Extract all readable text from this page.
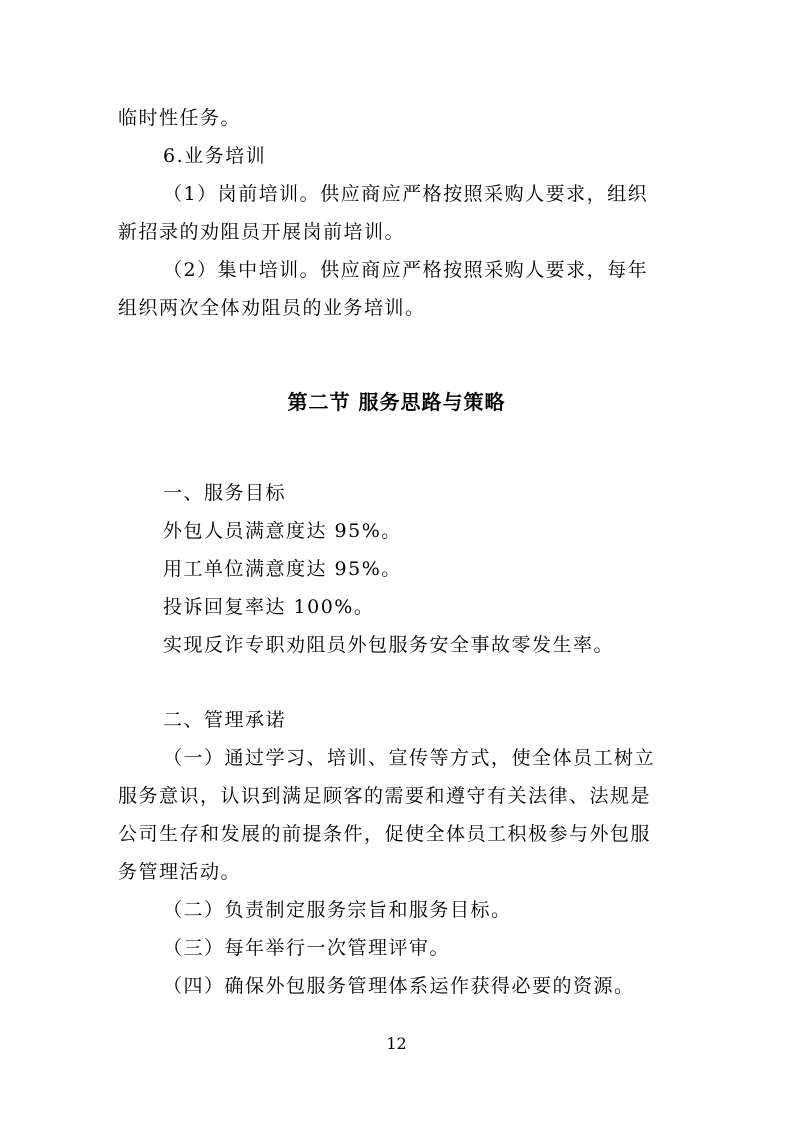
临时性任务。
6.业务培训
（1）岗前培训。供应商应严格按照采购人要求，组织
新招录的劝阻员开展岗前培训。
（2）集中培训。供应商应严格按照采购人要求，每年
组织两次全体劝阻员的业务培训。
第二节 服务思路与策略
一、服务目标
外包人员满意度达 95%。
用工单位满意度达 95%。
投诉回复率达 100%。
实现反诈专职劝阻员外包服务安全事故零发生率。
二、管理承诺
（一）通过学习、培训、宣传等方式，使全体员工树立
服务意识，认识到满足顾客的需要和遵守有关法律、法规是
公司生存和发展的前提条件，促使全体员工积极参与外包服
务管理活动。
（二）负责制定服务宗旨和服务目标。
（三）每年举行一次管理评审。
（四）确保外包服务管理体系运作获得必要的资源。
12
